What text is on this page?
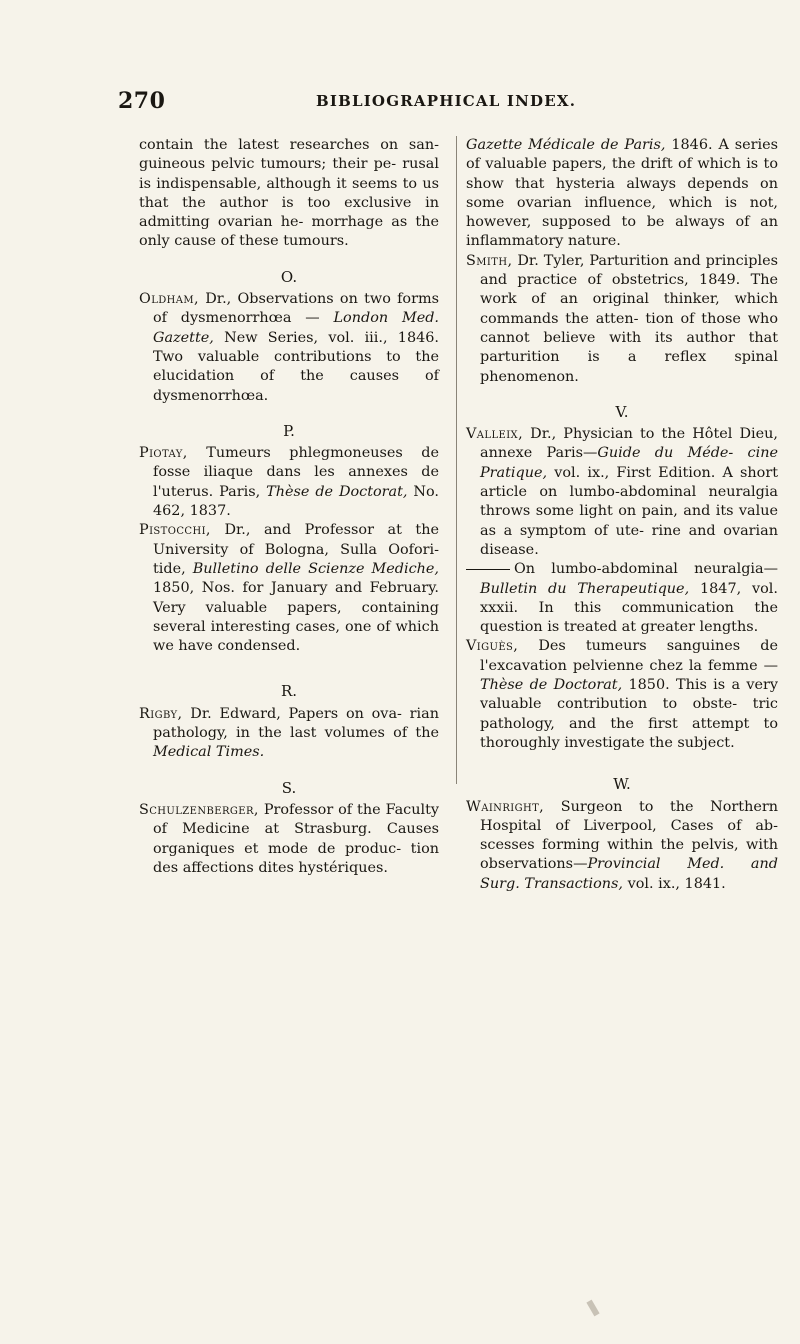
270	BIBLIOGRAPHICAL INDEX.

contain the latest researches on san- guineous pelvic tumours; their pe- rusal is indispensable, although it seems to us that the author is too exclusive in admitting ovarian he- morrhage as the only cause of these tumours.

O.

Oldham, Dr., Observations on two forms of dysmenorrhœa — London Med. Gazette, New Series, vol. iii., 1846. Two valuable contributions to the elucidation of the causes of dysmenorrhœa.

P.

Piotay, Tumeurs phlegmoneuses de fosse iliaque dans les annexes de l'uterus. Paris, Thèse de Doctorat, No. 462, 1837.

Pistocchi, Dr., and Professor at the University of Bologna, Sulla Oofori- tide, Bulletino delle Scienze Mediche, 1850, Nos. for January and February. Very valuable papers, containing several interesting cases, one of which we have condensed.

R.

Rigby, Dr. Edward, Papers on ova- rian pathology, in the last volumes of the Medical Times.

S.

Schulzenberger, Professor of the Faculty of Medicine at Strasburg. Causes organiques et mode de produc- tion des affections dites hystériques.

Gazette Médicale de Paris, 1846. A series of valuable papers, the drift of which is to show that hysteria always depends on some ovarian influence, which is not, however, supposed to be always of an inflammatory nature.

Smith, Dr. Tyler, Parturition and principles and practice of obstetrics, 1849. The work of an original thinker, which commands the atten- tion of those who cannot believe with its author that parturition is a reflex spinal phenomenon.

V.

Valleix, Dr., Physician to the Hôtel Dieu, annexe Paris—Guide du Méde- cine Pratique, vol. ix., First Edition. A short article on lumbo-abdominal neuralgia throws some light on pain, and its value as a symptom of ute- rine and ovarian disease.

On lumbo-abdominal neuralgia— Bulletin du Therapeutique, 1847, vol. xxxii. In this communication the question is treated at greater lengths.

Viguès, Des tumeurs sanguines de l'excavation pelvienne chez la femme —Thèse de Doctorat, 1850. This is a very valuable contribution to obste- tric pathology, and the first attempt to thoroughly investigate the subject.

W.

Wainright, Surgeon to the Northern Hospital of Liverpool, Cases of ab- scesses forming within the pelvis, with observations—Provincial Med. and Surg. Transactions, vol. ix., 1841.
